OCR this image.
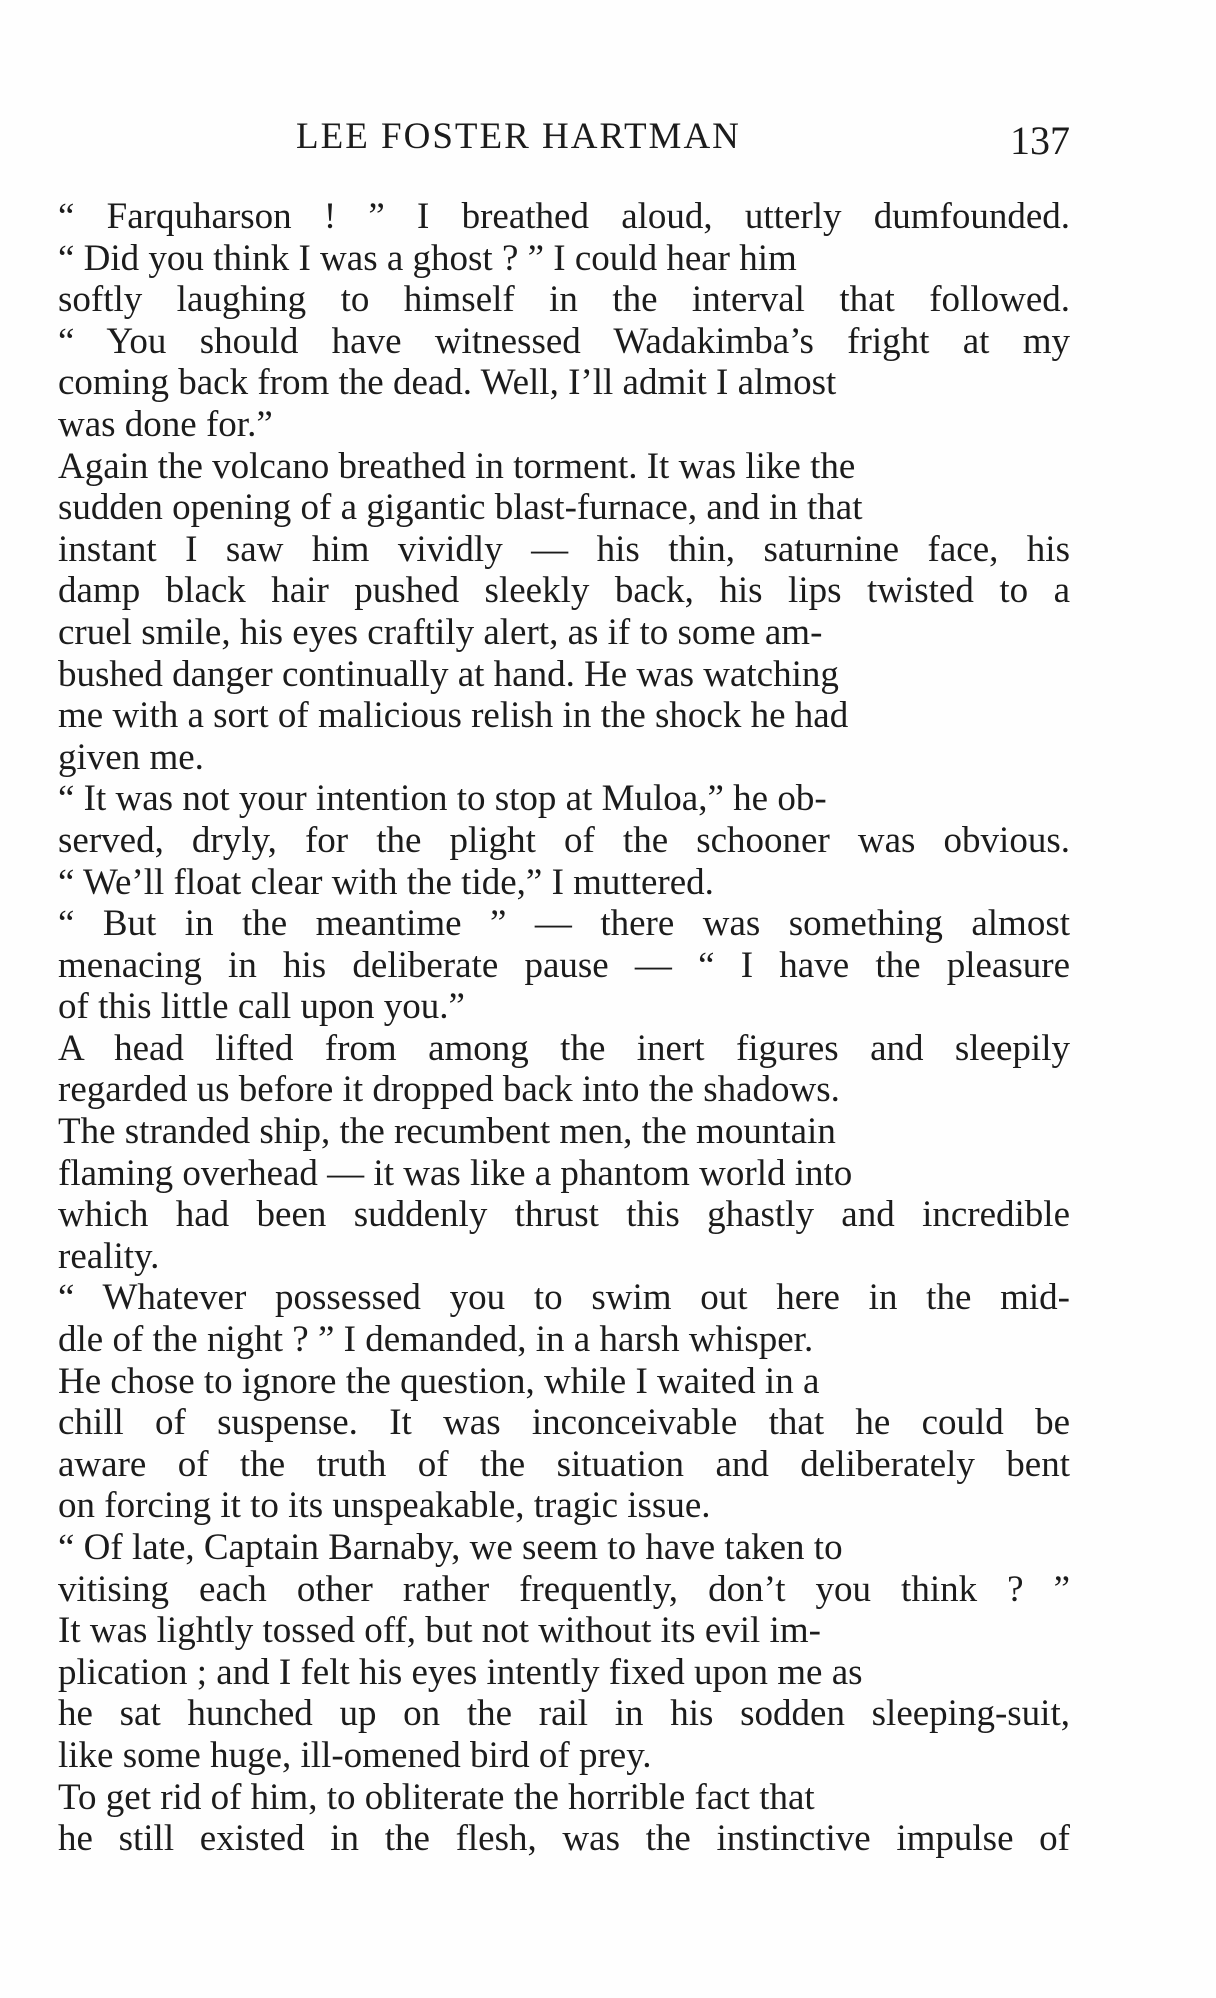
LEE FOSTER HARTMAN	137
“ Farquharson ! ” I breathed aloud, utterly dumfounded.
“ Did you think I was a ghost ? ” I could hear him
softly laughing to himself in the interval that followed.
“ You should have witnessed Wadakimba’s fright at my
coming back from the dead. Well, I’ll admit I almost
was done for.”
Again the volcano breathed in torment. It was like the
sudden opening of a gigantic blast-furnace, and in that
instant I saw him vividly — his thin, saturnine face, his
damp black hair pushed sleekly back, his lips twisted to a
cruel smile, his eyes craftily alert, as if to some am-
bushed danger continually at hand. He was watching
me with a sort of malicious relish in the shock he had
given me.
“ It was not your intention to stop at Muloa,” he ob-
served, dryly, for the plight of the schooner was obvious.
“ We’ll float clear with the tide,” I muttered.
“ But in the meantime ” — there was something almost
menacing in his deliberate pause — “ I have the pleasure
of this little call upon you.”
A head lifted from among the inert figures and sleepily
regarded us before it dropped back into the shadows.
The stranded ship, the recumbent men, the mountain
flaming overhead — it was like a phantom world into
which had been suddenly thrust this ghastly and incredible
reality.
“ Whatever possessed you to swim out here in the mid-
dle of the night ? ” I demanded, in a harsh whisper.
He chose to ignore the question, while I waited in a
chill of suspense. It was inconceivable that he could be
aware of the truth of the situation and deliberately bent
on forcing it to its unspeakable, tragic issue.
“ Of late, Captain Barnaby, we seem to have taken to
vitising each other rather frequently, don’t you think ? ”
It was lightly tossed off, but not without its evil im-
plication ; and I felt his eyes intently fixed upon me as
he sat hunched up on the rail in his sodden sleeping-suit,
like some huge, ill-omened bird of prey.
To get rid of him, to obliterate the horrible fact that
he still existed in the flesh, was the instinctive impulse of
